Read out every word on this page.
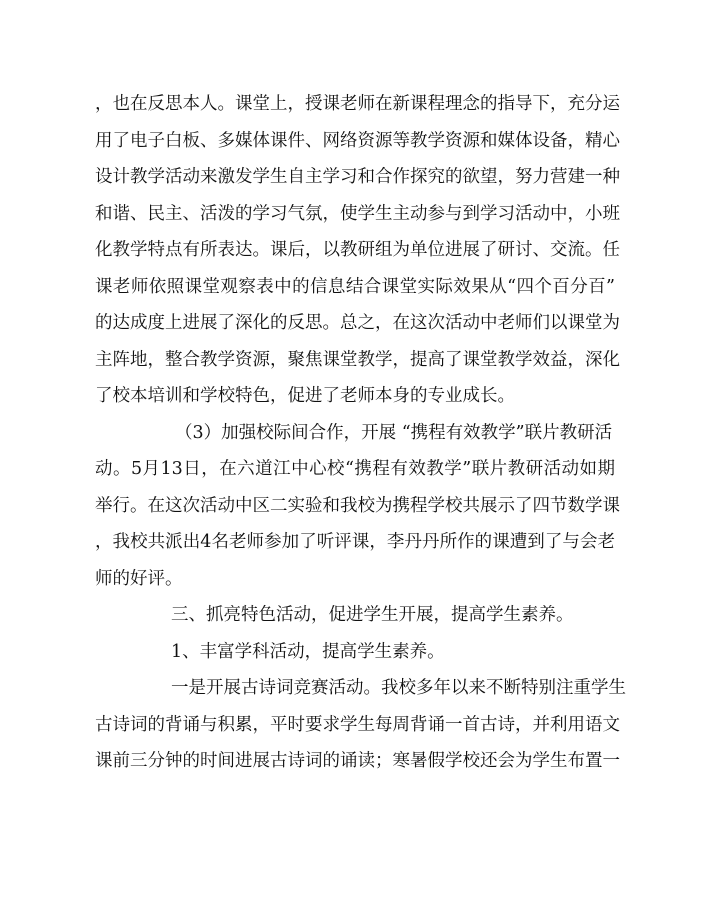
，也在反思本人。课堂上，授课老师在新课程理念的指导下，充分运
用了电子白板、多媒体课件、网络资源等教学资源和媒体设备，精心
设计教学活动来激发学生自主学习和合作探究的欲望，努力营建一种
和谐、民主、活泼的学习气氛，使学生主动参与到学习活动中，小班
化教学特点有所表达。课后，以教研组为单位进展了研讨、交流。任
课老师依照课堂观察表中的信息结合课堂实际效果从“四个百分百”
的达成度上进展了深化的反思。总之，在这次活动中老师们以课堂为
主阵地，整合教学资源，聚焦课堂教学，提高了课堂教学效益，深化
了校本培训和学校特色，促进了老师本身的专业成长。
（3）加强校际间合作，开展 “携程有效教学”联片教研活
动。5月13日，在六道江中心校“携程有效教学”联片教研活动如期
举行。在这次活动中区二实验和我校为携程学校共展示了四节数学课
，我校共派出4名老师参加了听评课，李丹丹所作的课遭到了与会老
师的好评。
三、抓亮特色活动，促进学生开展，提高学生素养。
1、丰富学科活动，提高学生素养。
一是开展古诗词竞赛活动。我校多年以来不断特别注重学生
古诗词的背诵与积累，平时要求学生每周背诵一首古诗，并利用语文
课前三分钟的时间进展古诗词的诵读；寒暑假学校还会为学生布置一
